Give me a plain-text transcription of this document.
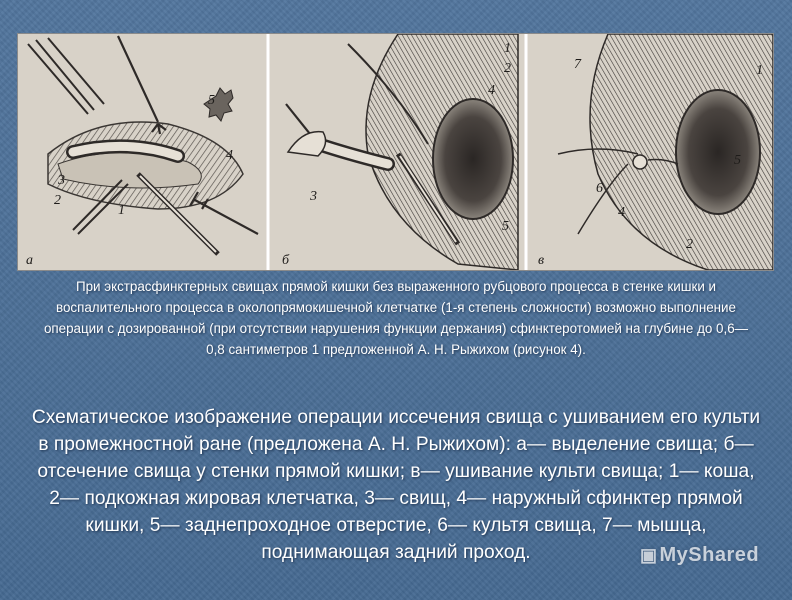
а
5
3
2
1
4
б
1
2
4
3
5
в
7	1
5
6
4
2
При экстрасфинктерных свищах прямой кишки без выраженного рубцового процесса в стенке кишки и воспалительного процесса в околопрямокишечной клетчатке (1-я степень сложности) возможно выполнение операции с дозированной (при отсутствии нарушения функции держания) сфинктеротомией на глубине до 0,6— 0,8 сантиметров 1 предложенной А. Н. Рыжихом (рисунок 4).
Схематическое изображение операции иссечения свища с ушиванием его культи в промежностной ране (предложена А. Н. Рыжихом): а— выделение свища; б— отсечение свища у стенки прямой кишки; в— ушивание культи свища; 1— коша, 2— подкожная жировая клетчатка, 3— свищ, 4— наружный сфинктер прямой кишки, 5— заднепроходное отверстие, 6— культя свища, 7— мышца, поднимающая задний проход.	▣ MyShared
